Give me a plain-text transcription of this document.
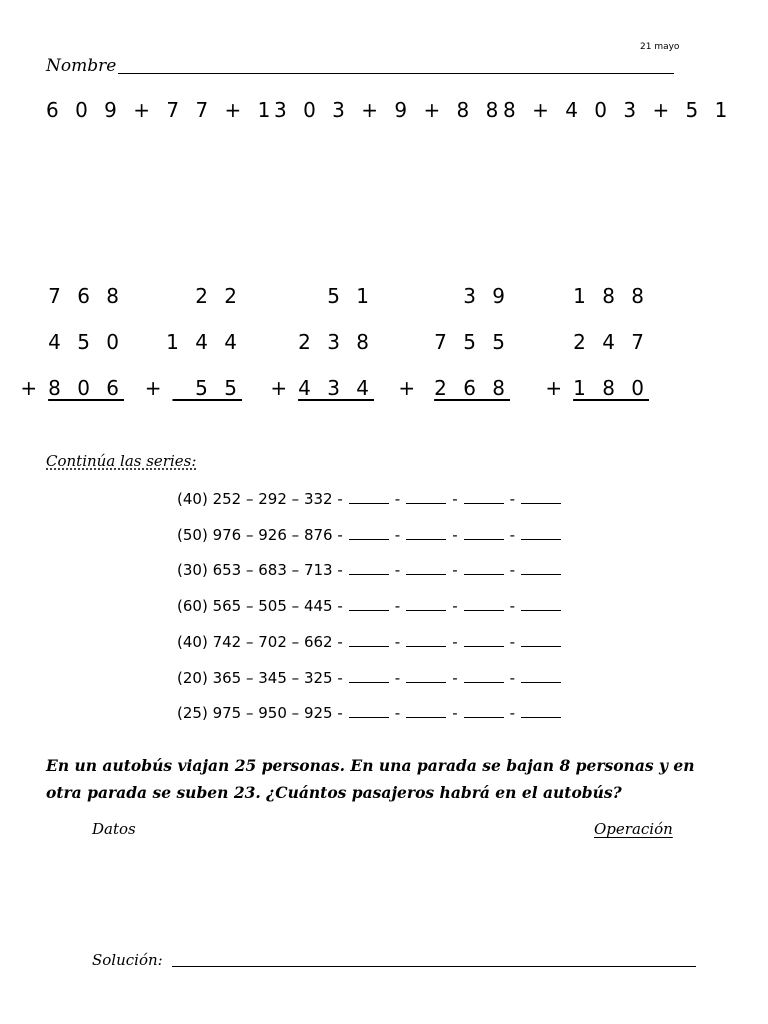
21 mayo
Nombre
6 0 9 + 7 7 + 1
3 0 3 + 9 + 8 8 8 + 4 0 3 + 5 1
7 6 8
4 5 0
+ 8 0 6
2 2
1 4 4
+ 5 5
5 1
2 3 8
+ 4 3 4
3 9
7 5 5
+ 2 6 8
1 8 8
2 4 7
+ 1 8 0
Continúa las series:
(40)
252 – 292 – 332 -	-	-	-
(50)
976 – 926 – 876 -	-	-	-
(30)
653 – 683 – 713 -	-	-	-
(60)
565 – 505 – 445 -	-	-	-
(40)
742 – 702 – 662 -	-	-	-
(20)
365 – 345 – 325 -	-	-	-
(25)
975 – 950 – 925 -	-	-	-
En un autobús viajan 25 personas. En una parada se bajan 8 personas y en otra parada se suben 23. ¿Cuántos pasajeros habrá en el autobús?
Datos	Operación
Solución:
